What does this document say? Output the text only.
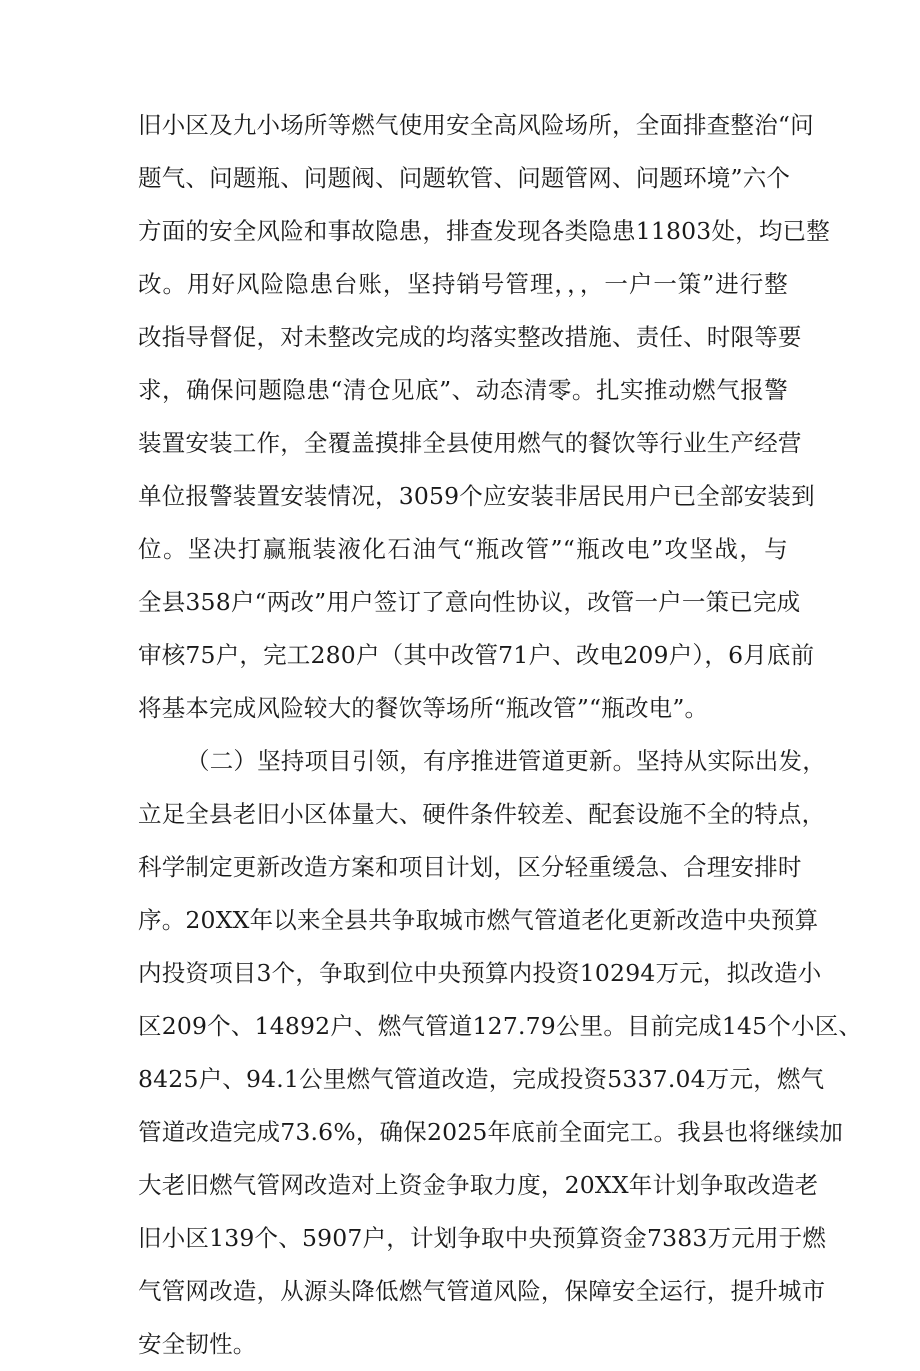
旧小区及九小场所等燃气使用安全高风险场所，全面排查整治“问
题气、问题瓶、问题阀、问题软管、问题管网、问题环境”六个
方面的安全风险和事故隐患，排查发现各类隐患11803处，均已整
改。用好风险隐患台账，坚持销号管理，，，一户一策”进行整
改指导督促，对未整改完成的均落实整改措施、责任、时限等要
求，确保问题隐患“清仓见底”、动态清零。扎实推动燃气报警
装置安装工作，全覆盖摸排全县使用燃气的餐饮等行业生产经营
单位报警装置安装情况，3059个应安装非居民用户已全部安装到
位。坚决打赢瓶装液化石油气“瓶改管”“瓶改电”攻坚战，与
全县358户“两改”用户签订了意向性协议，改管一户一策已完成
审核75户，完工280户（其中改管71户、改电209户），6月底前
将基本完成风险较大的餐饮等场所“瓶改管”“瓶改电”。
（二）坚持项目引领，有序推进管道更新。坚持从实际出发，
立足全县老旧小区体量大、硬件条件较差、配套设施不全的特点，
科学制定更新改造方案和项目计划，区分轻重缓急、合理安排时
序。20XX年以来全县共争取城市燃气管道老化更新改造中央预算
内投资项目3个，争取到位中央预算内投资10294万元，拟改造小
区209个、14892户、燃气管道127.79公里。目前完成145个小区、
8425户、94.1公里燃气管道改造，完成投资5337.04万元，燃气
管道改造完成73.6%，确保2025年底前全面完工。我县也将继续加
大老旧燃气管网改造对上资金争取力度，20XX年计划争取改造老
旧小区139个、5907户，计划争取中央预算资金7383万元用于燃
气管网改造，从源头降低燃气管道风险，保障安全运行，提升城市
安全韧性。
